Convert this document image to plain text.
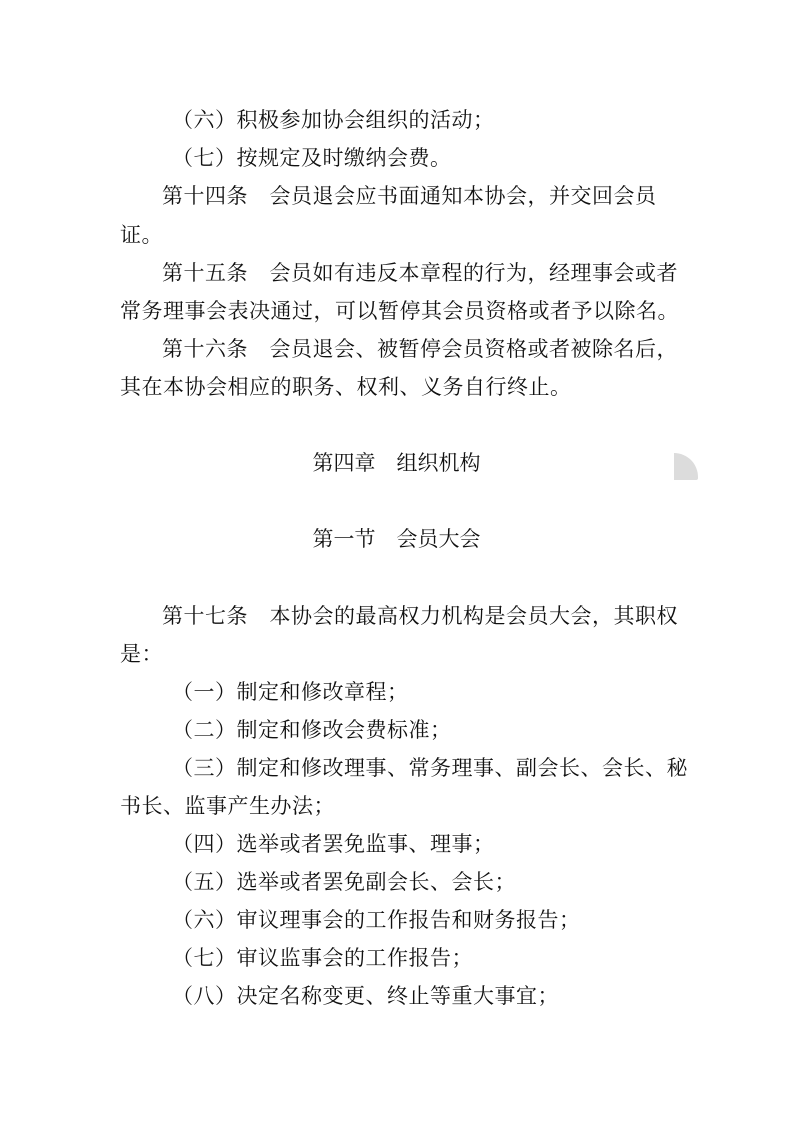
（六）积极参加协会组织的活动；
（七）按规定及时缴纳会费。
第十四条　会员退会应书面通知本协会，并交回会员
证。
第十五条　会员如有违反本章程的行为，经理事会或者
常务理事会表决通过，可以暂停其会员资格或者予以除名。
第十六条　会员退会、被暂停会员资格或者被除名后，
其在本协会相应的职务、权利、义务自行终止。
第四章　组织机构
第一节　会员大会
第十七条　本协会的最高权力机构是会员大会，其职权
是：
（一）制定和修改章程；
（二）制定和修改会费标准；
（三）制定和修改理事、常务理事、副会长、会长、秘
书长、监事产生办法；
（四）选举或者罢免监事、理事；
（五）选举或者罢免副会长、会长；
（六）审议理事会的工作报告和财务报告；
（七）审议监事会的工作报告；
（八）决定名称变更、终止等重大事宜；
